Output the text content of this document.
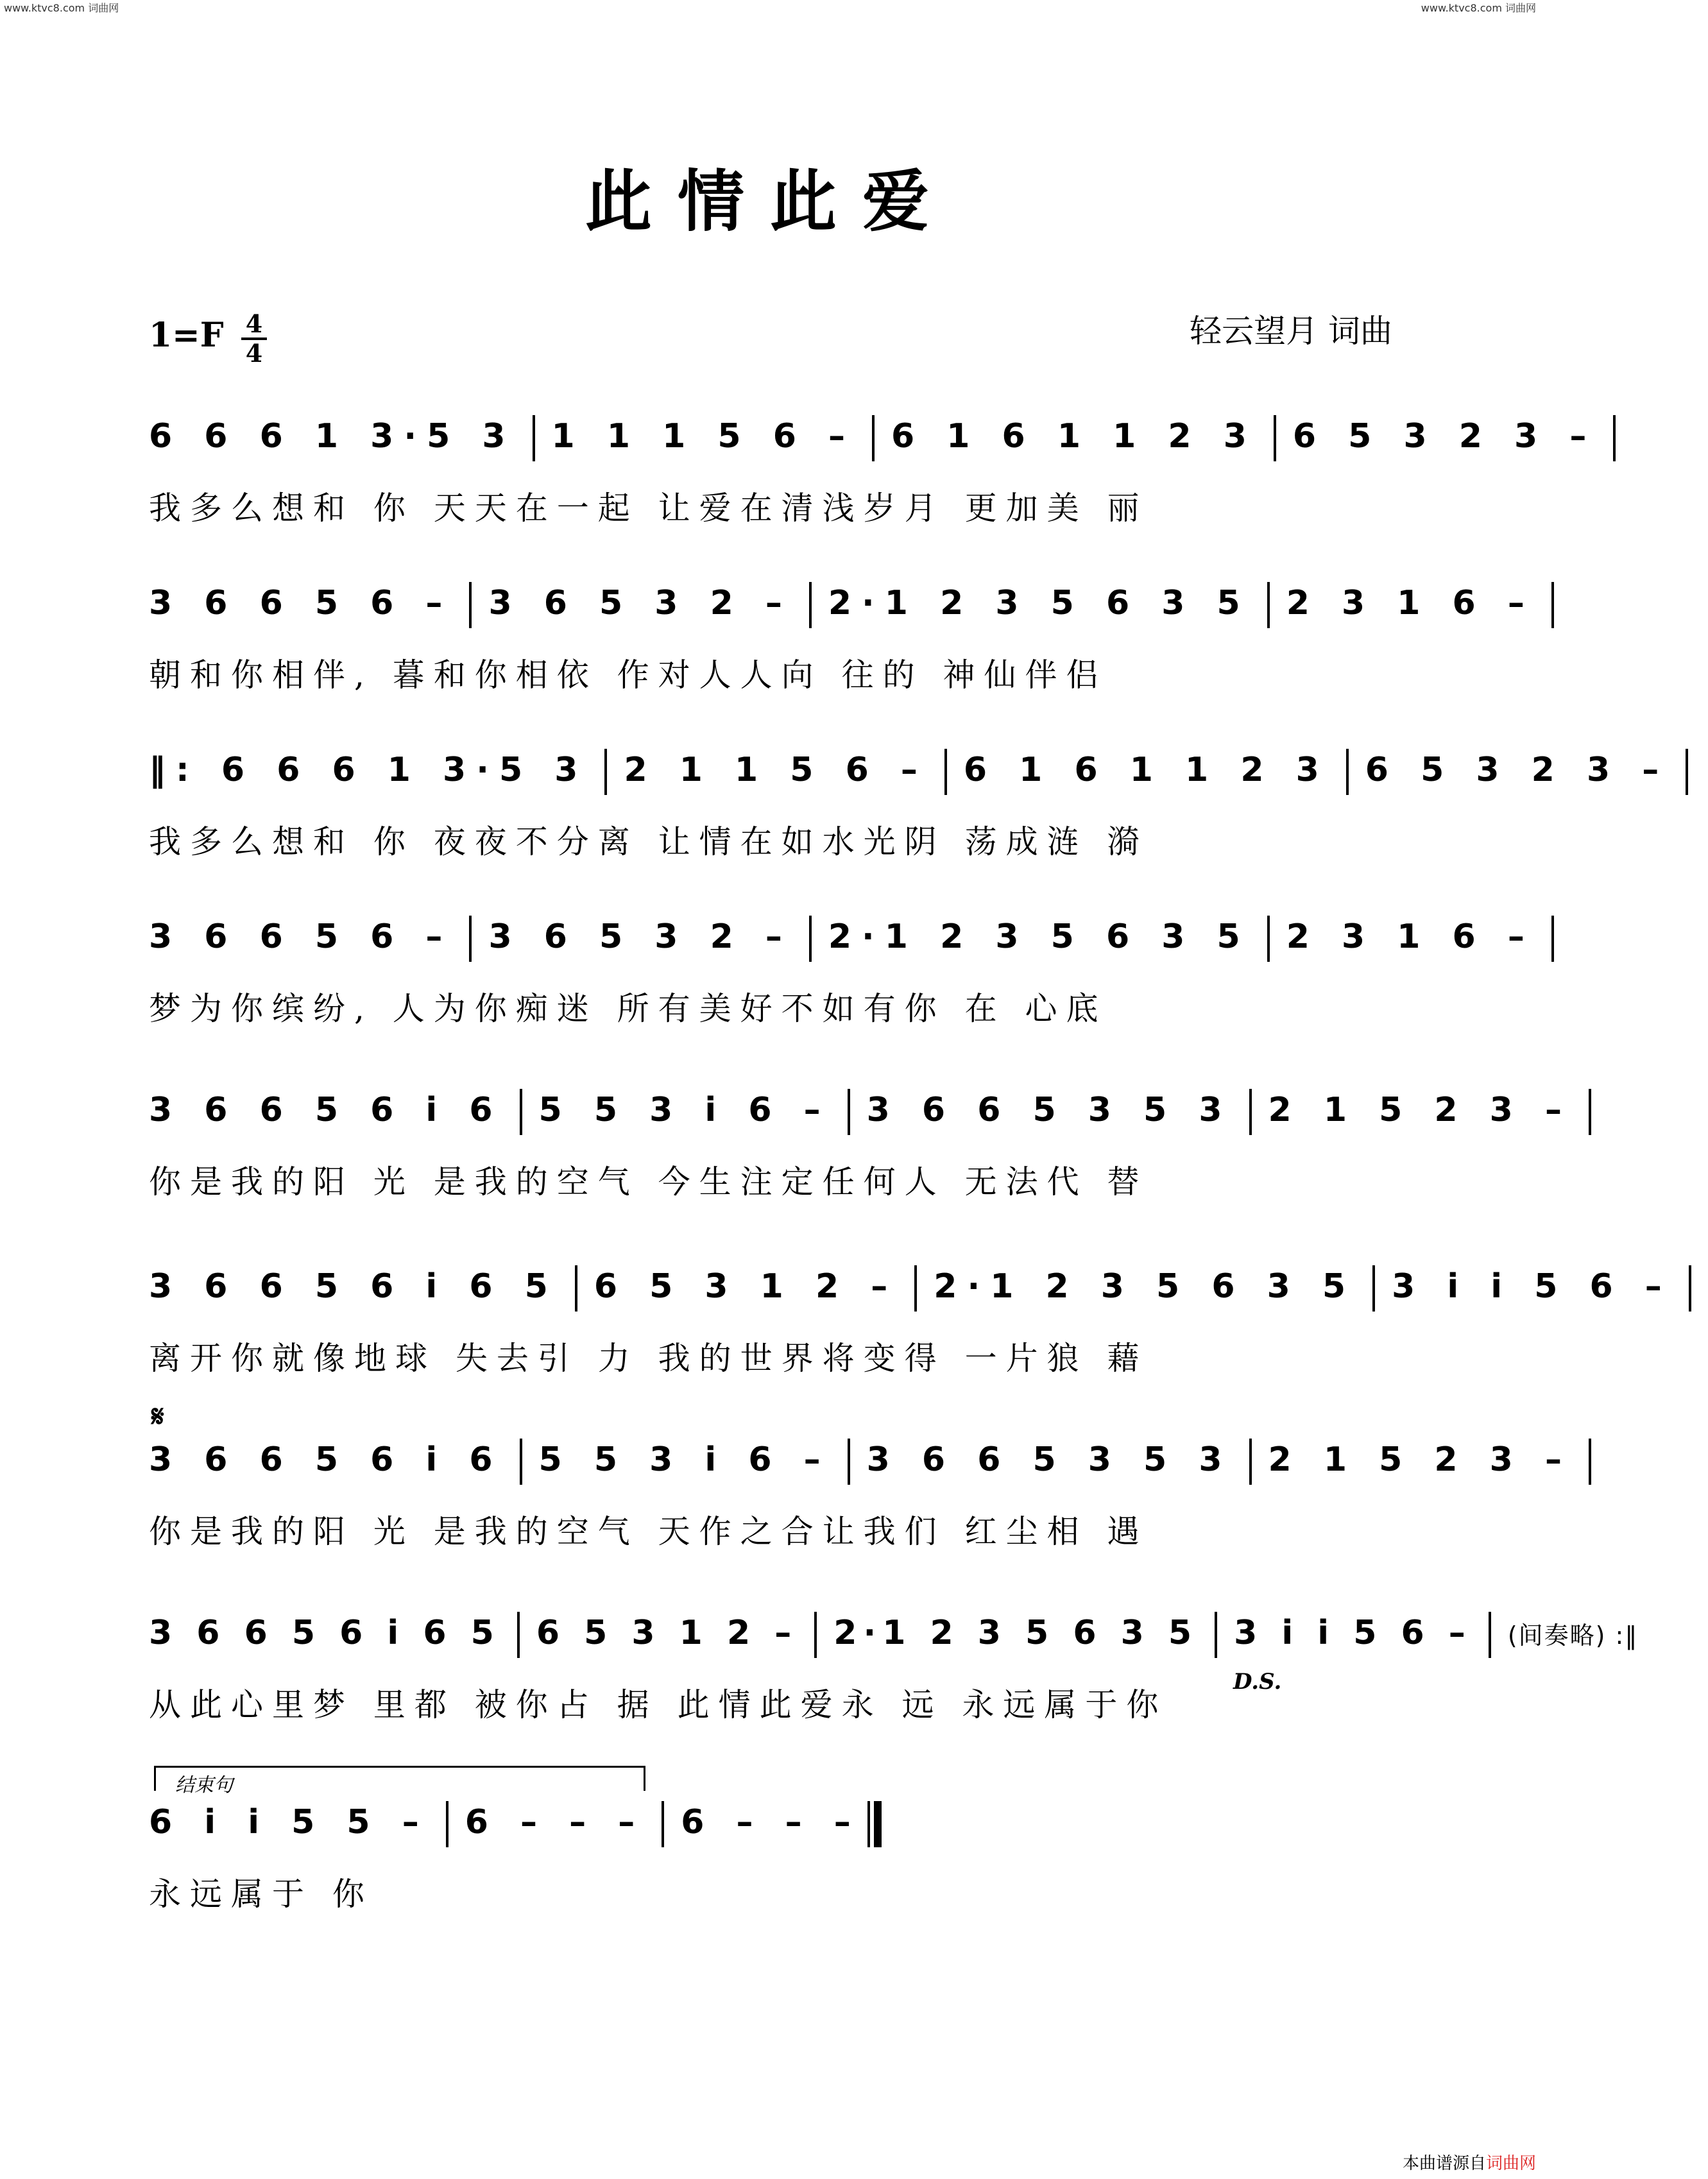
www.ktvc8.com 词曲网	www.ktvc8.com 词曲网
此情此爱
1=F 4
4
轻云望月 词曲
6 6 6 1 3·5 3 1 1 1 5 6 – 6 1 6 1 1 2 3 6 5 3 2 3 –
我多么想和 你 天天在一起 让爱在清浅岁月 更加美 丽
3 6 6 5 6 – 3 6 5 3 2 – 2·1 2 3 5 6 3 5 2 3 1 6 –
朝和你相伴, 暮和你相依 作对人人向 往的 神仙伴侣
‖: 6 6 6 1 3·5 3 2 1 1 5 6 – 6 1 6 1 1 2 3 6 5 3 2 3 –
我多么想和 你 夜夜不分离 让情在如水光阴 荡成涟 漪
3 6 6 5 6 – 3 6 5 3 2 – 2·1 2 3 5 6 3 5 2 3 1 6 –
梦为你缤纷, 人为你痴迷 所有美好不如有你 在 心底
3 6 6 5 6 i 6 5 5 3 i 6 – 3 6 6 5 3 5 3 2 1 5 2 3 –
你是我的阳 光 是我的空气 今生注定任何人 无法代 替
3 6 6 5 6 i 6 5 6 5 3 1 2 – 2·1 2 3 5 6 3 5 3 i i 5 6 –
离开你就像地球 失去引 力 我的世界将变得 一片狼 藉
𝄋
3 6 6 5 6 i 6 5 5 3 i 6 – 3 6 6 5 3 5 3 2 1 5 2 3 –
你是我的阳 光 是我的空气 天作之合让我们 红尘相 遇
3 6 6 5 6 i 6 5 6 5 3 1 2 – 2·1 2 3 5 6 3 5 3 i i 5 6 – (间奏略) :‖
从此心里梦 里都 被你占 据 此情此爱永 远 永远属于你
D.S.
结束句
6 i i 5 5 – 6 – – – 6 – – –
永远属于 你
本曲谱源自词曲网
